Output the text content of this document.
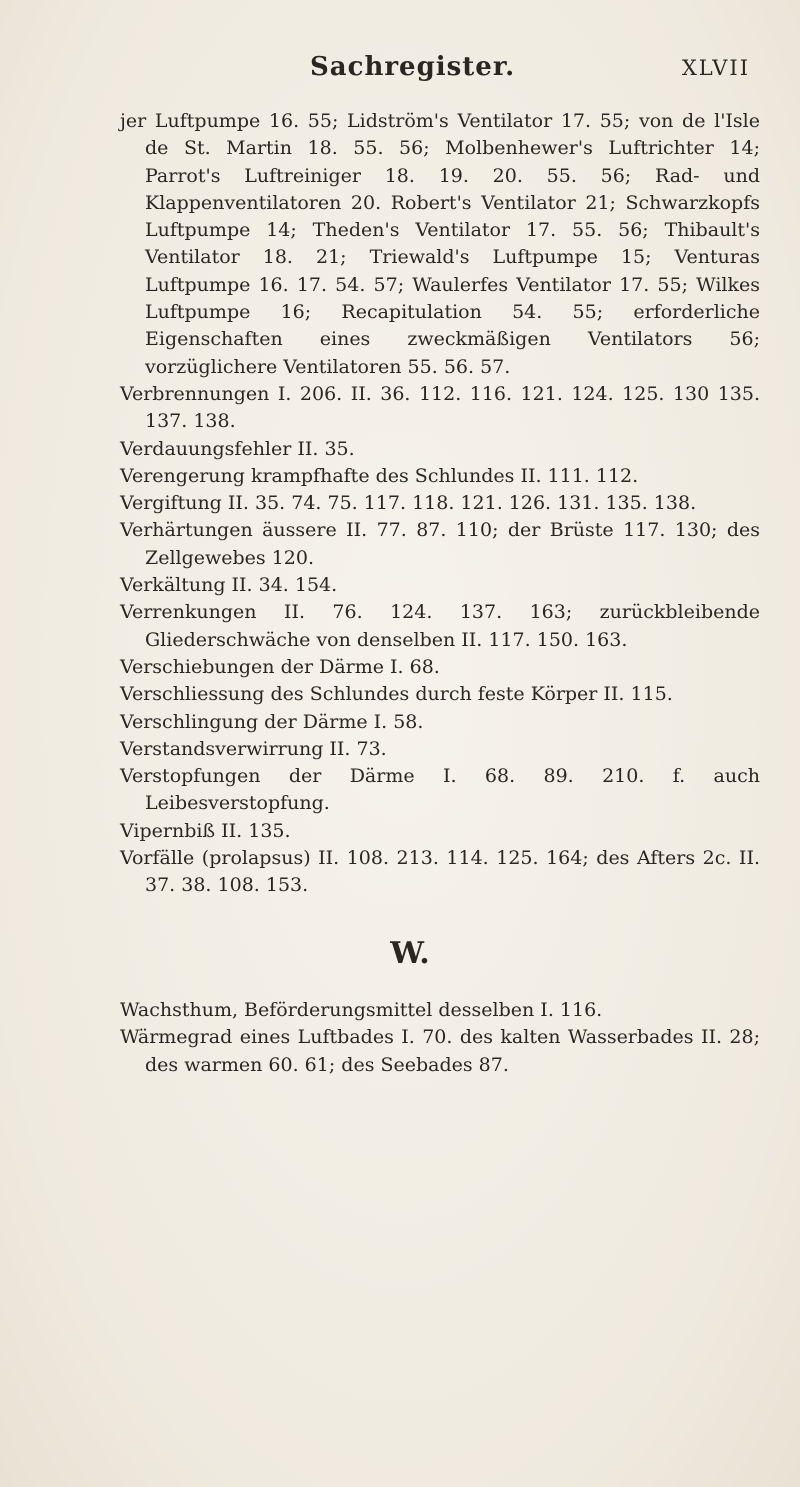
Sachregister.	XLVII

jer Luftpumpe 16. 55; Lidström's Ventilator 17. 55; von de l'Isle de St. Martin 18. 55. 56; Molbenhewer's Luftrichter 14; Parrot's Luftreiniger 18. 19. 20. 55. 56; Rad- und Klappenventilatoren 20. Robert's Ventilator 21; Schwarzkopfs Luftpumpe 14; Theden's Ventilator 17. 55. 56; Thibault's Ventilator 18. 21; Triewald's Luftpumpe 15; Venturas Luftpumpe 16. 17. 54. 57; Waulerfes Ventilator 17. 55; Wilkes Luftpumpe 16; Recapitulation 54. 55; erforderliche Eigenschaften eines zweckmäßigen Ventilators 56; vorzüglichere Ventilatoren 55. 56. 57.

Verbrennungen I. 206. II. 36. 112. 116. 121. 124. 125. 130 135. 137. 138.

Verdauungsfehler II. 35.

Verengerung krampfhafte des Schlundes II. 111. 112.

Vergiftung II. 35. 74. 75. 117. 118. 121. 126. 131. 135. 138.

Verhärtungen äussere II. 77. 87. 110; der Brüste 117. 130; des Zellgewebes 120.

Verkältung II. 34. 154.

Verrenkungen II. 76. 124. 137. 163; zurückbleibende Gliederschwäche von denselben II. 117. 150. 163.

Verschiebungen der Därme I. 68.

Verschliessung des Schlundes durch feste Körper II. 115.

Verschlingung der Därme I. 58.

Verstandsverwirrung II. 73.

Verstopfungen der Därme I. 68. 89. 210. f. auch Leibesverstopfung.

Vipernbiß II. 135.

Vorfälle (prolapsus) II. 108. 213. 114. 125. 164; des Afters 2c. II. 37. 38. 108. 153.

W.

Wachsthum, Beförderungsmittel desselben I. 116.

Wärmegrad eines Luftbades I. 70. des kalten Wasserbades II. 28; des warmen 60. 61; des Seebades 87.
